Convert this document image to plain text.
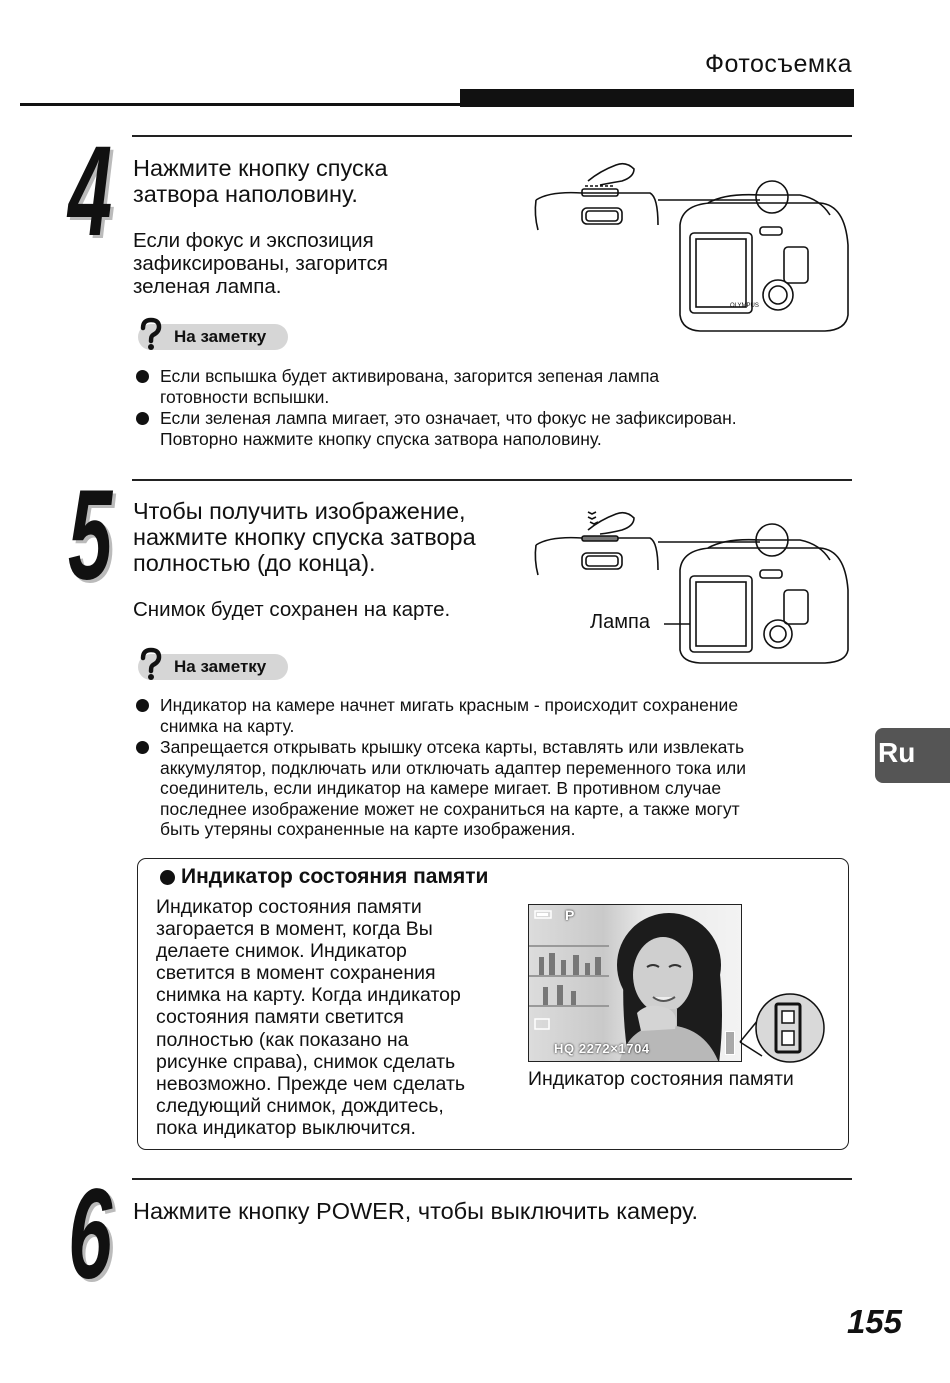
Фотосъемка
4 Нажмите кнопку спуска
затвора наполовину.
Если фокус и экспозиция
зафиксированы, загорится
зеленая лампа.
OLYMPUS
На заметку
Если вспышка будет активирована, загорится зепеная лампа
готовности вспышки.
Если зеленая лампа мигает, это означает, что фокус не зафиксирован.
Повторно нажмите кнопку спуска затвора наполовину.
5 Чтобы получить изображение,
нажмите кнопку спуска затвора
полностью (до конца).
Снимок будет сохранен на карте.
Лампа
На заметку
Индикатор на камере начнет мигать красным - происходит сохранение
снимка на карту.
Запрещается открывать крышку отсека карты, вставлять или извлекать
аккумулятор, подключать или отключать адаптер переменного тока или
соединитель, если индикатор на камере мигает. В противном случае
последнее изображение может не сохраниться на карте, а также могут
быть утеряны сохраненные на карте изображения.
Ru
Индикатор состояния памяти
Индикатор состояния памяти
загорается в момент, когда Вы
делаете снимок. Индикатор
светится в момент сохранения
снимка на карту. Когда индикатор
состояния памяти светится
полностью (как показано на
рисунке справа), снимок сделать
невозможно. Прежде чем сделать
следующий снимок, дождитесь,
пока индикатор выключится.
P
HQ 2272×1704
Индикатор состояния памяти
6 Нажмите кнопку POWER, чтобы выключить камеру.
155
